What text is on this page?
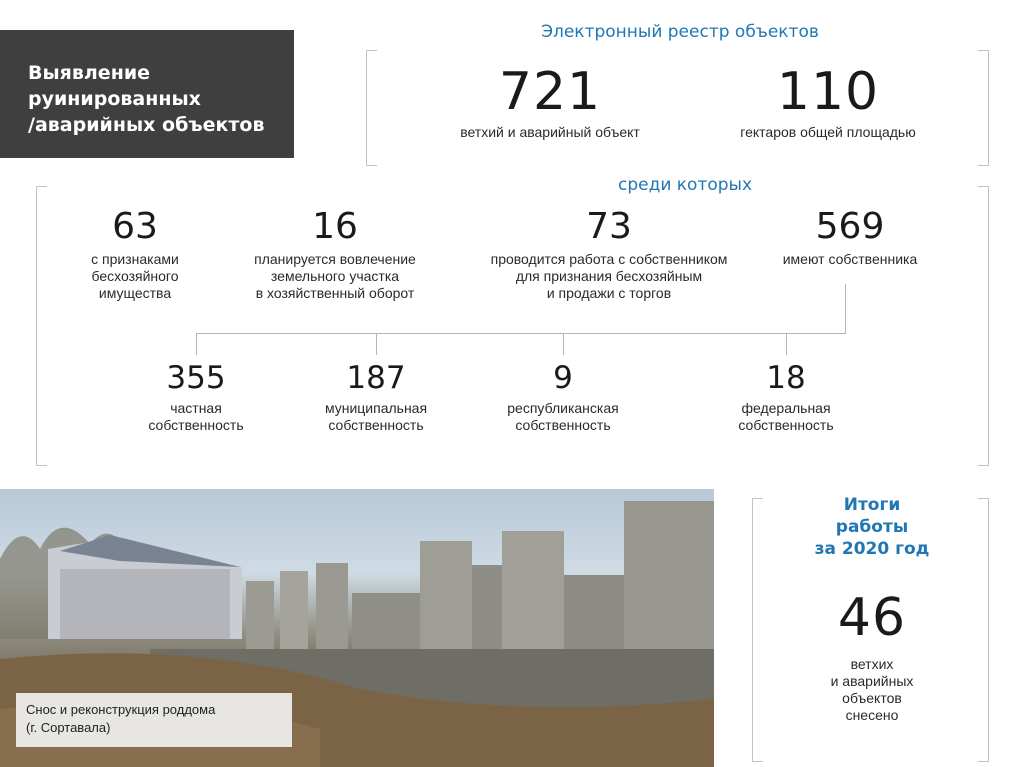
Выявление
руинированных
/аварийных объектов
Электронный реестр объектов
721
ветхий и аварийный объект
110
гектаров общей площадью
среди которых
63
с признаками
бесхозяйного
имущества
16
планируется вовлечение
земельного участка
в хозяйственный оборот
73
проводится работа с собственником
для признания бесхозяйным
и продажи с торгов
569
имеют собственника
355
частная
собственность
187
муниципальная
собственность
9
республиканская
собственность
18
федеральная
собственность
Снос и реконструкция роддома
(г. Сортавала)
Итоги
работы
за 2020 год
46
ветхих
и аварийных
объектов
снесено
